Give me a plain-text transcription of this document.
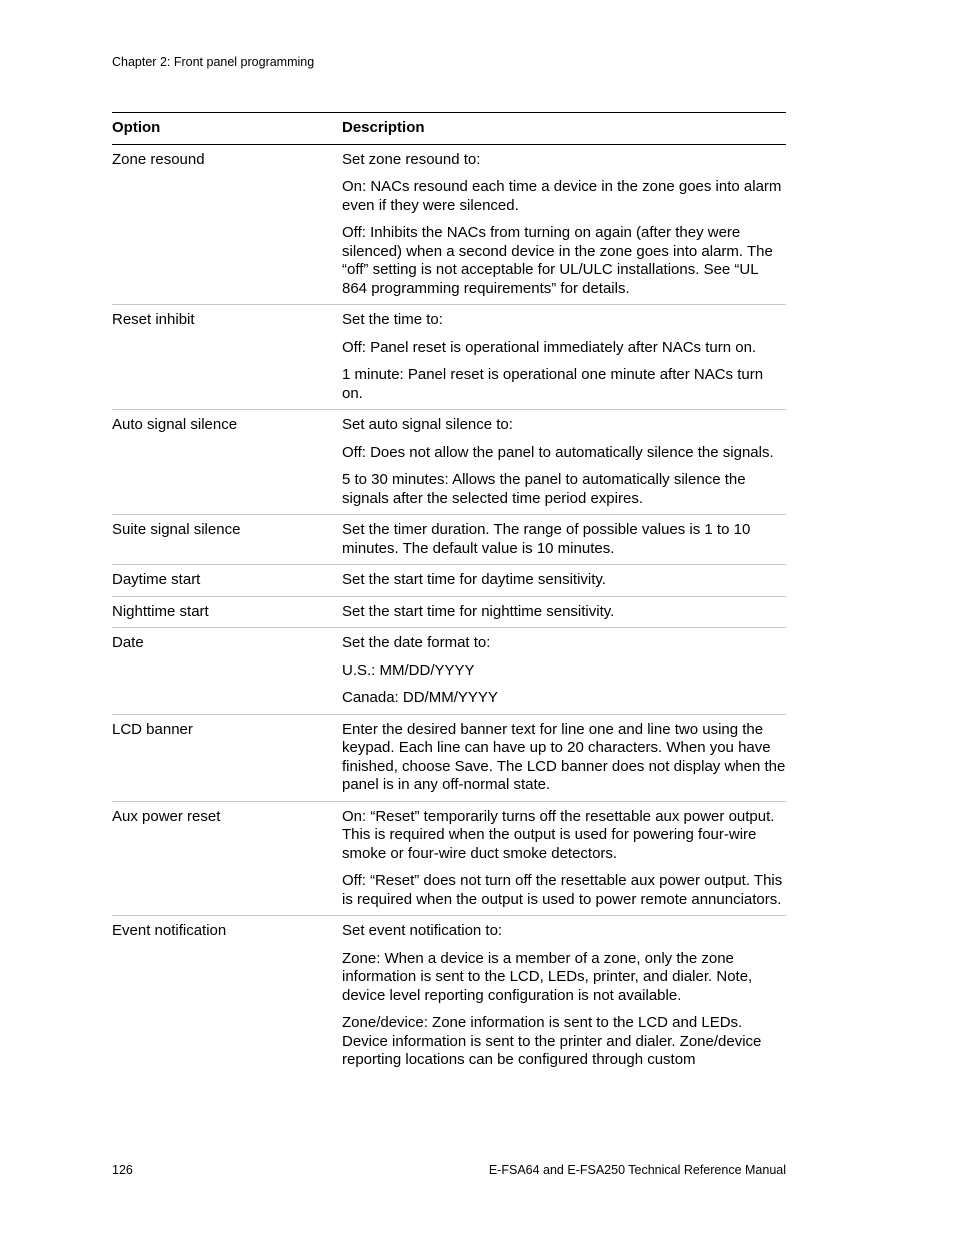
Chapter 2: Front panel programming
Option	Description
Zone resound	Set zone resound to:

On: NACs resound each time a device in the zone goes into alarm even if they were silenced.

Off: Inhibits the NACs from turning on again (after they were silenced) when a second device in the zone goes into alarm. The “off” setting is not acceptable for UL/ULC installations. See “UL 864 programming requirements” for details.

Reset inhibit	Set the time to:

Off: Panel reset is operational immediately after NACs turn on.

1 minute: Panel reset is operational one minute after NACs turn on.

Auto signal silence	Set auto signal silence to:

Off: Does not allow the panel to automatically silence the signals.

5 to 30 minutes: Allows the panel to automatically silence the signals after the selected time period expires.

Suite signal silence	Set the timer duration. The range of possible values is 1 to 10 minutes. The default value is 10 minutes.

Daytime start	Set the start time for daytime sensitivity.

Nighttime start	Set the start time for nighttime sensitivity.

Date	Set the date format to:

U.S.: MM/DD/YYYY

Canada: DD/MM/YYYY

LCD banner	Enter the desired banner text for line one and line two using the keypad. Each line can have up to 20 characters. When you have finished, choose Save. The LCD banner does not display when the panel is in any off-normal state.

Aux power reset	On: “Reset” temporarily turns off the resettable aux power output. This is required when the output is used for powering four-wire smoke or four-wire duct smoke detectors.

Off: “Reset” does not turn off the resettable aux power output. This is required when the output is used to power remote annunciators.

Event notification	Set event notification to:

Zone: When a device is a member of a zone, only the zone information is sent to the LCD, LEDs, printer, and dialer. Note, device level reporting configuration is not available.

Zone/device: Zone information is sent to the LCD and LEDs. Device information is sent to the printer and dialer. Zone/device reporting locations can be configured through custom

126	E-FSA64 and E-FSA250 Technical Reference Manual
